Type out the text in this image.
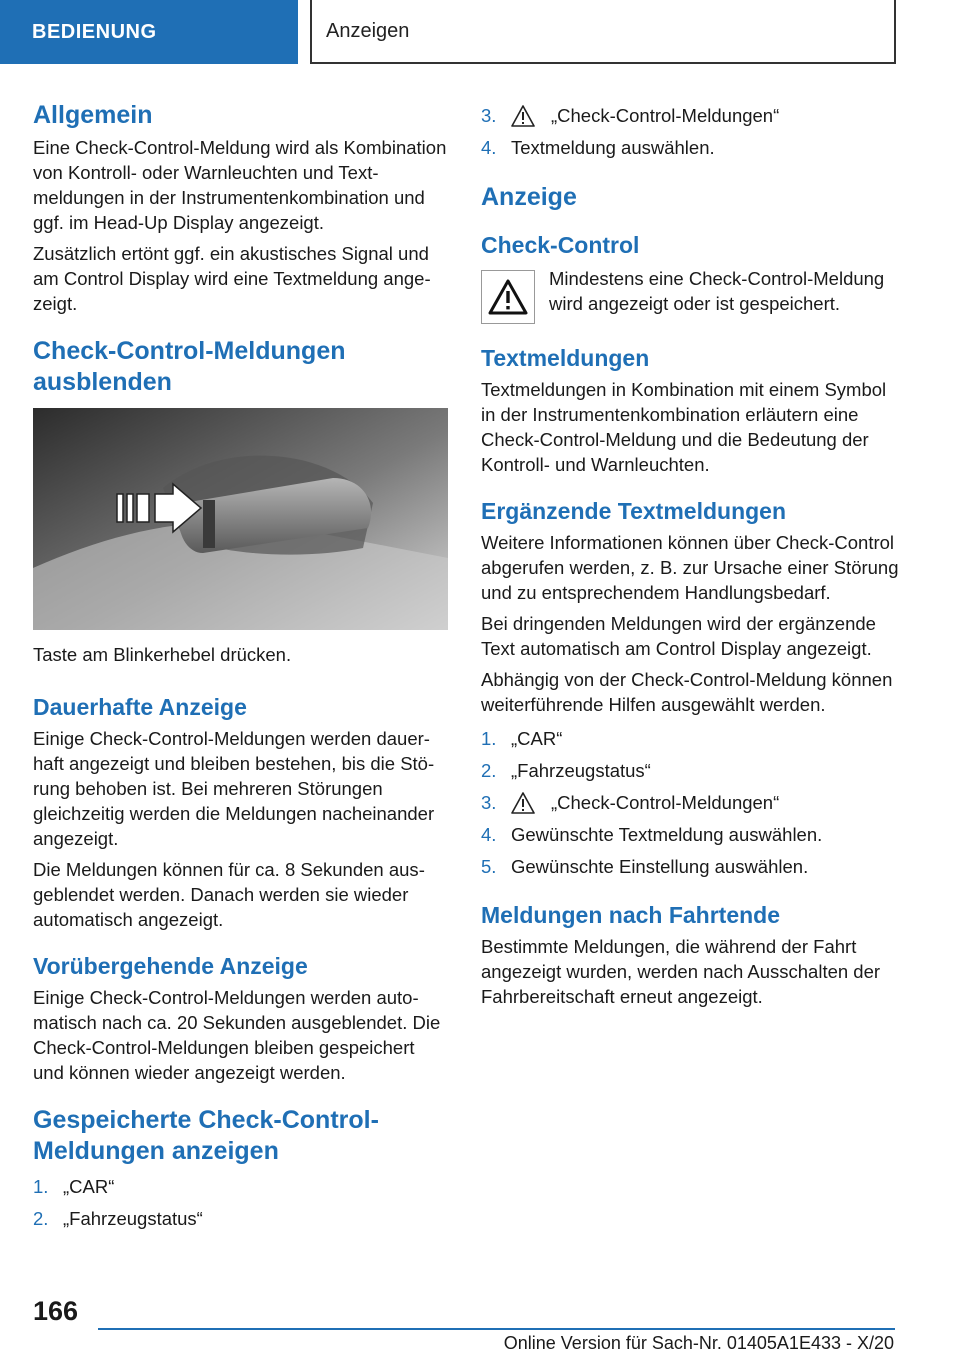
BEDIENUNG	Anzeigen
Allgemein

Eine Check-Control-Meldung wird als Kombination von Kontroll- oder Warnleuchten und Textmeldungen in der Instrumentenkombination und ggf. im Head-Up Display angezeigt.

Zusätzlich ertönt ggf. ein akustisches Signal und am Control Display wird eine Textmeldung angezeigt.

Check-Control-Meldungen ausblenden

Taste am Blinkerhebel drücken.

Dauerhafte Anzeige

Einige Check-Control-Meldungen werden dauerhaft angezeigt und bleiben bestehen, bis die Störung behoben ist. Bei mehreren Störungen gleichzeitig werden die Meldungen nacheinander angezeigt.

Die Meldungen können für ca. 8 Sekunden ausgeblendet werden. Danach werden sie wieder automatisch angezeigt.

Vorübergehende Anzeige

Einige Check-Control-Meldungen werden automatisch nach ca. 20 Sekunden ausgeblendet. Die Check-Control-Meldungen bleiben gespeichert und können wieder angezeigt werden.

Gespeicherte Check-Control-Meldungen anzeigen
1. „CAR“
2. „Fahrzeugstatus“
3.	„Check-Control-Meldungen“
4. Textmeldung auswählen.
Anzeige
Check-Control

Mindestens eine Check-Control-Meldung wird angezeigt oder ist gespeichert.

Textmeldungen

Textmeldungen in Kombination mit einem Symbol in der Instrumentenkombination erläutern eine Check-Control-Meldung und die Bedeutung der Kontroll- und Warnleuchten.

Ergänzende Textmeldungen

Weitere Informationen können über Check-Control abgerufen werden, z. B. zur Ursache einer Störung und zu entsprechendem Handlungsbedarf.

Bei dringenden Meldungen wird der ergänzende Text automatisch am Control Display angezeigt.

Abhängig von der Check-Control-Meldung können weiterführende Hilfen ausgewählt werden.

1. „CAR“
2. „Fahrzeugstatus“
3.	„Check-Control-Meldungen“
4. Gewünschte Textmeldung auswählen.
5. Gewünschte Einstellung auswählen.
Meldungen nach Fahrtende

Bestimmte Meldungen, die während der Fahrt angezeigt wurden, werden nach Ausschalten der Fahrbereitschaft erneut angezeigt.

166
Online Version für Sach-Nr. 01405A1E433 - X/20
